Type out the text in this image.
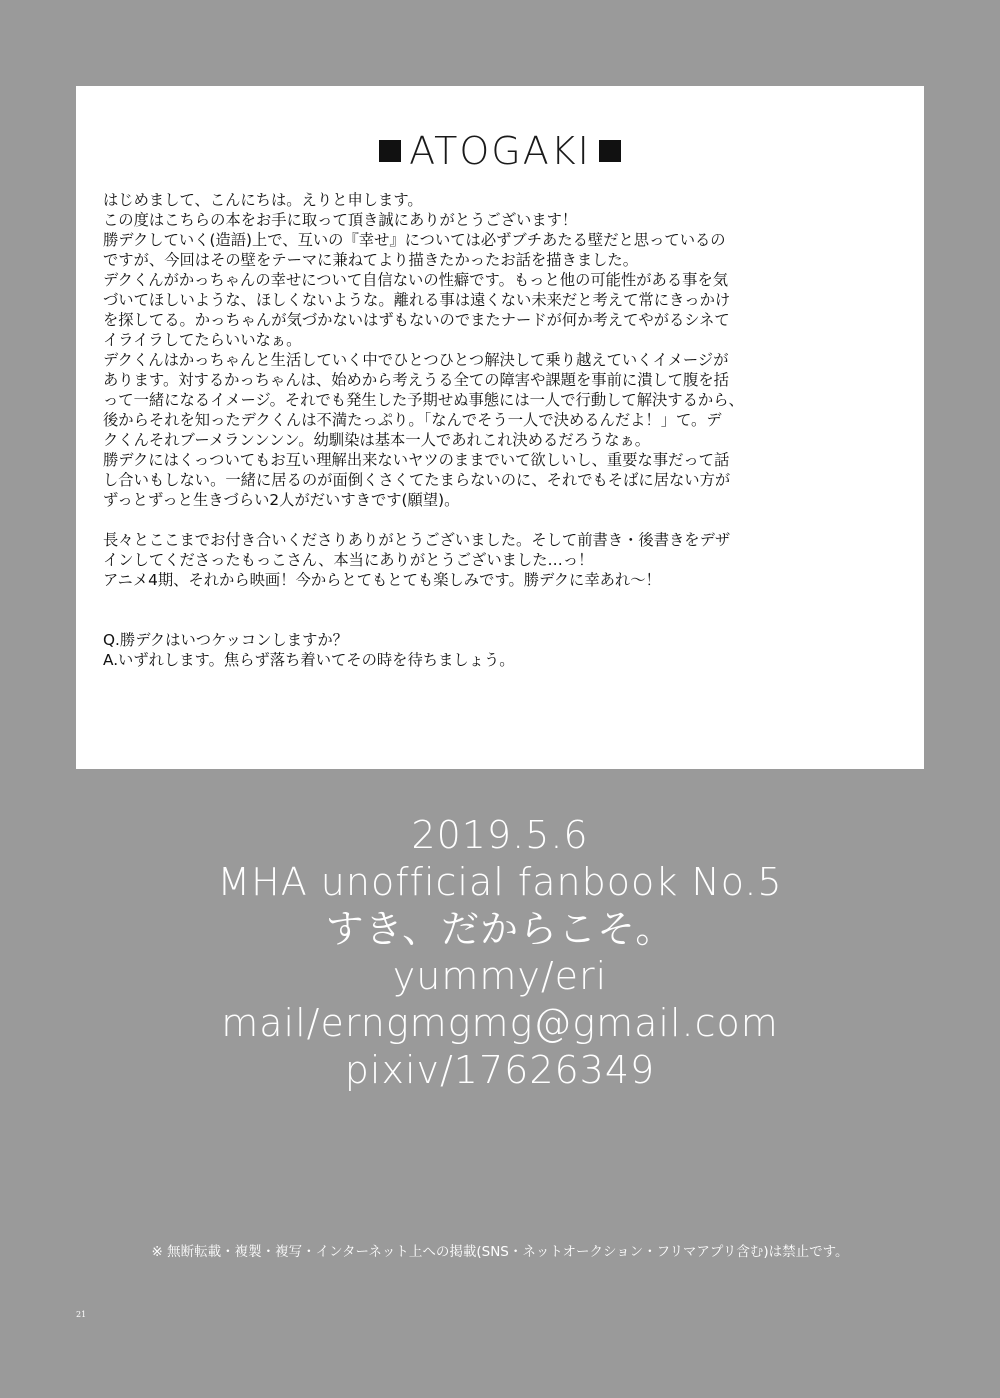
ATOGAKI
はじめまして、こんにちは。えりと申します。
この度はこちらの本をお手に取って頂き誠にありがとうございます！
勝デクしていく(造語)上で、互いの『幸せ』については必ずブチあたる壁だと思っているの
ですが、今回はその壁をテーマに兼ねてより描きたかったお話を描きました。
デクくんがかっちゃんの幸せについて自信ないの性癖です。もっと他の可能性がある事を気
づいてほしいような、ほしくないような。離れる事は遠くない未来だと考えて常にきっかけ
を探してる。かっちゃんが気づかないはずもないのでまたナードが何か考えてやがるシネて
イライラしてたらいいなぁ。
デクくんはかっちゃんと生活していく中でひとつひとつ解決して乗り越えていくイメージが
あります。対するかっちゃんは、始めから考えうる全ての障害や課題を事前に潰して腹を括
って一緒になるイメージ。それでも発生した予期せぬ事態には一人で行動して解決するから、
後からそれを知ったデクくんは不満たっぷり。「なんでそう一人で決めるんだよ！」て。デ
クくんそれブーメランンンン。幼馴染は基本一人であれこれ決めるだろうなぁ。
勝デクにはくっついてもお互い理解出来ないヤツのままでいて欲しいし、重要な事だって話
し合いもしない。一緒に居るのが面倒くさくてたまらないのに、それでもそばに居ない方が
ずっとずっと生きづらい2人がだいすきです(願望)。
長々とここまでお付き合いくださりありがとうございました。そして前書き・後書きをデザ
インしてくださったもっこさん、本当にありがとうございました…っ！
アニメ4期、それから映画！今からとてもとても楽しみです。勝デクに幸あれ～！
Q.勝デクはいつケッコンしますか？
A.いずれします。焦らず落ち着いてその時を待ちましょう。
2019.5.6
MHA unofficial fanbook No.5
すき、だからこそ。
yummy/eri
mail/erngmgmg@gmail.com
pixiv/17626349
※ 無断転載・複製・複写・インターネット上への掲載(SNS・ネットオークション・フリマアプリ含む)は禁止です。
21
